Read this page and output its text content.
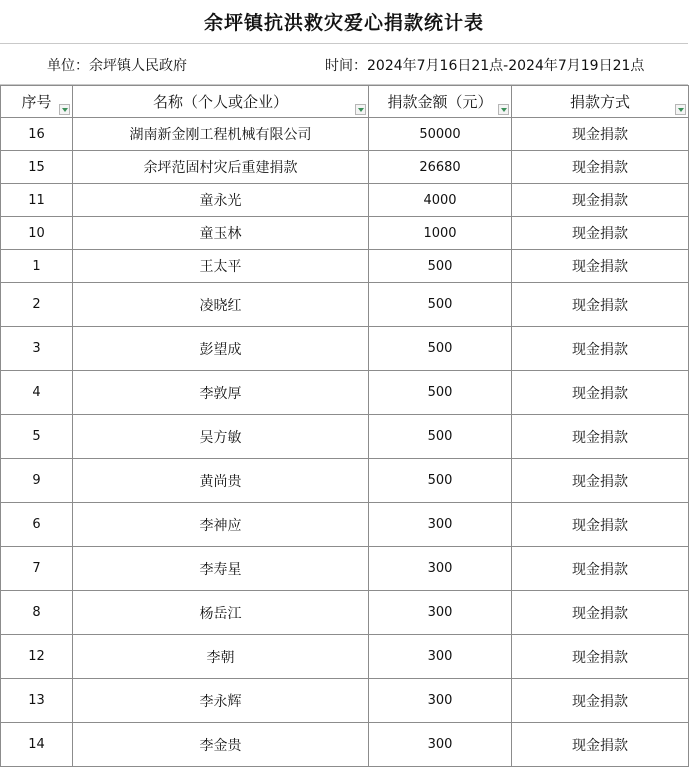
余坪镇抗洪救灾爱心捐款统计表
单位：余坪镇人民政府	时间：2024年7月16日21点-2024年7月19日21点
序号	名称（个人或企业）	捐款金额（元）	捐款方式

16	湖南新金刚工程机械有限公司	50000	现金捐款
15	余坪范固村灾后重建捐款	26680	现金捐款
11	童永光	4000	现金捐款
10	童玉林	1000	现金捐款
1	王太平	500	现金捐款
2	凌晓红	500	现金捐款
3	彭望成	500	现金捐款
4	李敦厚	500	现金捐款
5	吴方敏	500	现金捐款
9	黄尚贵	500	现金捐款
6	李神应	300	现金捐款
7	李寿星	300	现金捐款
8	杨岳江	300	现金捐款
12	李朝	300	现金捐款
13	李永辉	300	现金捐款
14	李金贵	300	现金捐款
